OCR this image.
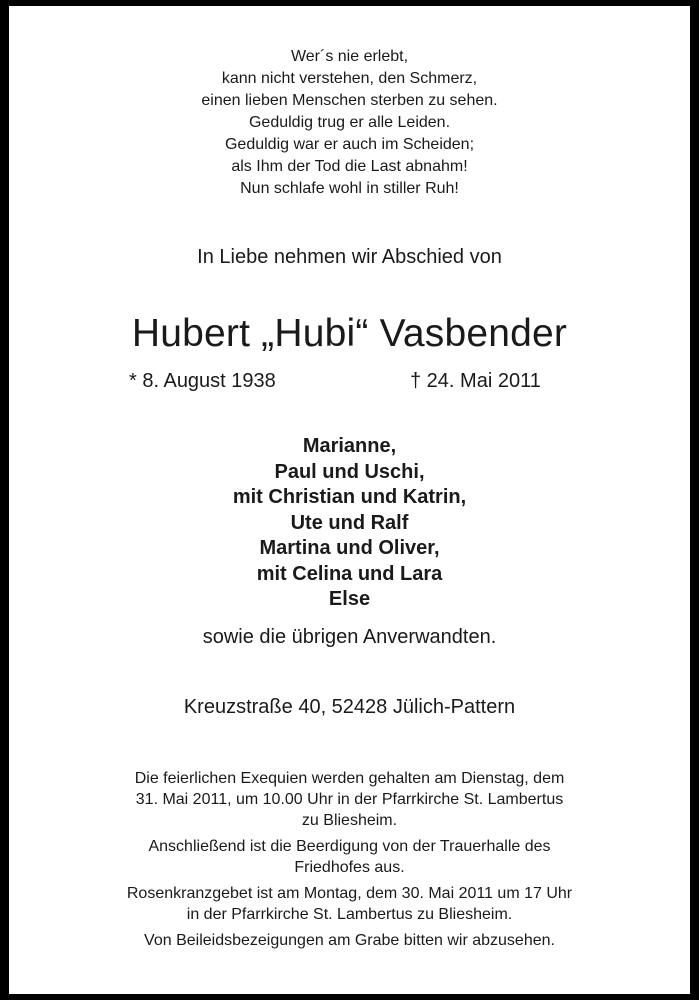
Wer´s nie erlebt,
kann nicht verstehen, den Schmerz,
einen lieben Menschen sterben zu sehen.
Geduldig trug er alle Leiden.
Geduldig war er auch im Scheiden;
als Ihm der Tod die Last abnahm!
Nun schlafe wohl in stiller Ruh!
In Liebe nehmen wir Abschied von
Hubert „Hubi“ Vasbender
* 8. August 1938	† 24. Mai 2011
Marianne,
Paul und Uschi,
mit Christian und Katrin,
Ute und Ralf
Martina und Oliver,
mit Celina und Lara
Else
sowie die übrigen Anverwandten.
Kreuzstraße 40, 52428 Jülich-Pattern

Die feierlichen Exequien werden gehalten am Dienstag, dem
31. Mai 2011, um 10.00 Uhr in der Pfarrkirche St. Lambertus
zu Bliesheim.

Anschließend ist die Beerdigung von der Trauerhalle des
Friedhofes aus.

Rosenkranzgebet ist am Montag, dem 30. Mai 2011 um 17 Uhr
in der Pfarrkirche St. Lambertus zu Bliesheim.

Von Beileidsbezeigungen am Grabe bitten wir abzusehen.
